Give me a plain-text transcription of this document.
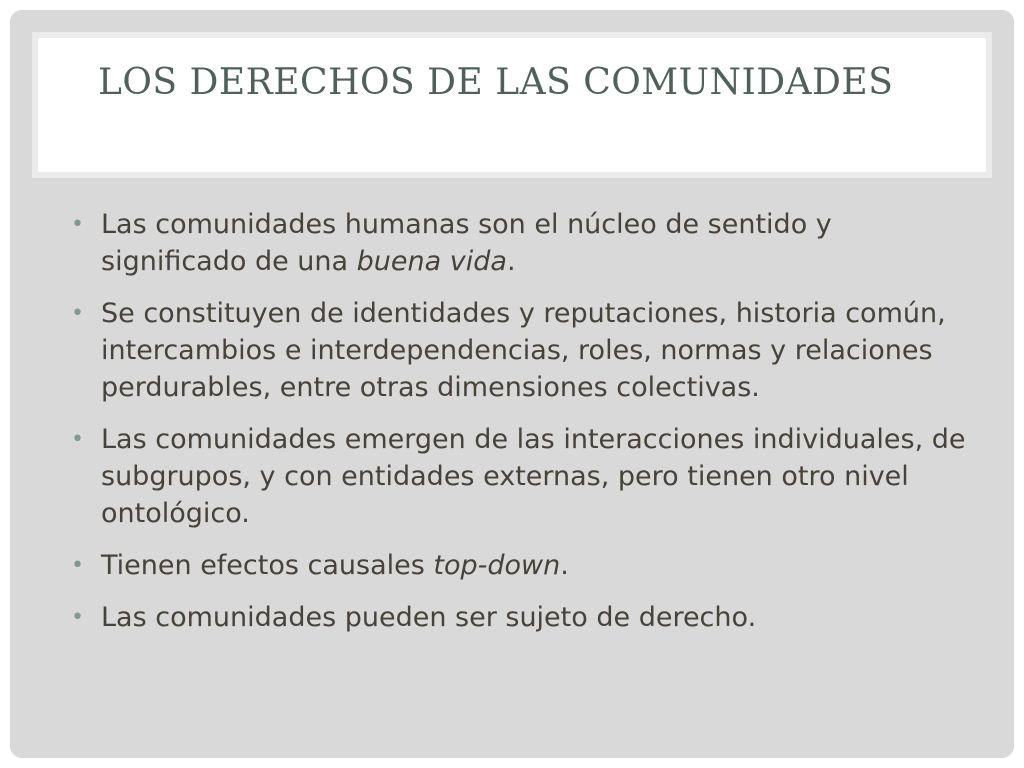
LOS DERECHOS DE LAS COMUNIDADES
• Las comunidades humanas son el núcleo de sentido y significado de una buena vida.
• Se constituyen de identidades y reputaciones, historia común, intercambios e interdependencias, roles, normas y relaciones perdurables, entre otras dimensiones colectivas.
• Las comunidades emergen de las interacciones individuales, de subgrupos, y con entidades externas, pero tienen otro nivel ontológico.
• Tienen efectos causales top-down.
• Las comunidades pueden ser sujeto de derecho.
